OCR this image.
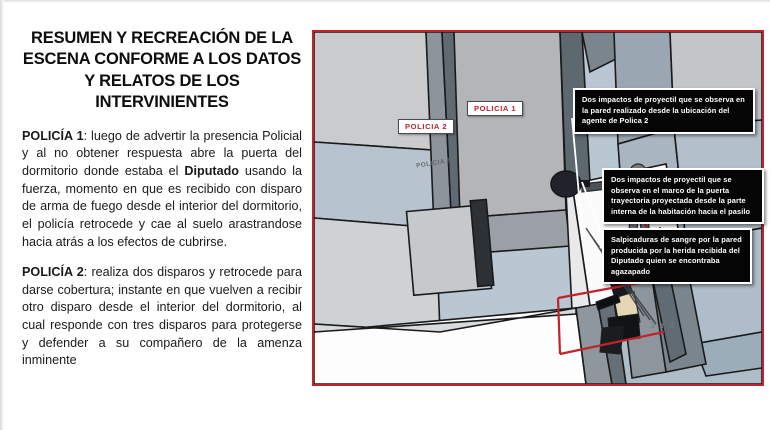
RESUMEN Y RECREACIÓN DE LA ESCENA CONFORME A LOS DATOS Y RELATOS DE LOS INTERVINIENTES

POLICÍA 1: luego de advertir la presencia Policial y al no obtener respuesta abre la puerta del dormitorio donde estaba el Diputado usando la fuerza, momento en que es recibido con disparo de arma de fuego desde el interior del dormitorio, el policía retrocede y cae al suelo arastrandose hacia atrás a los efectos de cubrirse.

POLICÍA 2: realiza dos disparos y retrocede para darse cobertura; instante en que vuelven a recibir otro disparo desde el interior del dormitorio, al cual responde con tres disparos para protegerse y defender a su compañero de la amenza inminente

POLICIA 1
POLICIA 2
POLICIA 1
3 Y 4
Dos impactos de proyectil que se observa en la pared realizado desde la ubicación del agente de Polica 2
Dos impactos de proyectil que se observa en el marco de la puerta trayectoria proyectada desde la parte interna de la habitación hacia el pasilo
Salpicaduras de sangre por la pared producida por la herida recibida del Diputado quien se encontraba agazapado
